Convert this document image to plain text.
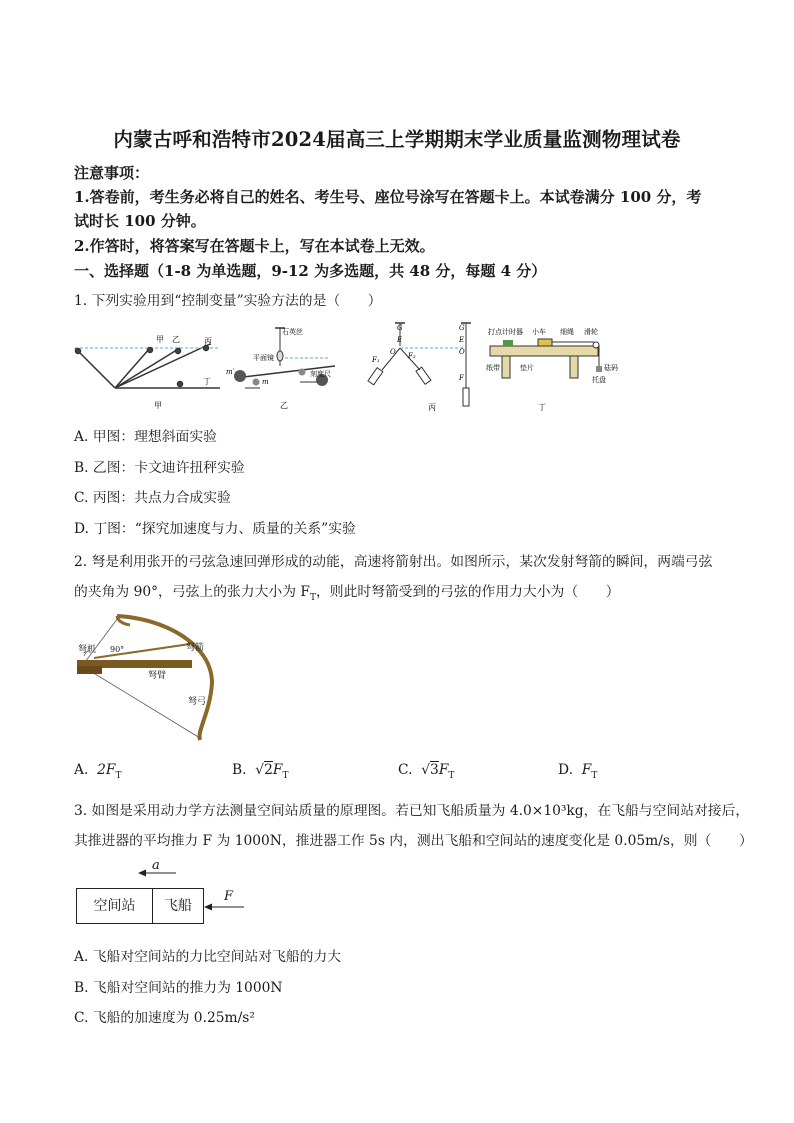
内蒙古呼和浩特市2024届高三上学期期末学业质量监测物理试卷
注意事项：
1.答卷前，考生务必将自己的姓名、考生号、座位号涂写在答题卡上。本试卷满分 100 分，考
试时长 100 分钟。
2.作答时，将答案写在答题卡上，写在本试卷上无效。
一、选择题（1-8 为单选题，9-12 为多选题，共 48 分，每题 4 分）
1. 下列实验用到“控制变量”实验方法的是（　　）
甲 乙	丙
丁
甲
石英丝
平面镜
刻度尺
m′
m
乙
G
E
O
F₁	F₂
G
E
O
F
丙
打点计时器 小车 细绳 滑轮
纸带	垫片	砝码
托盘
丁
A. 甲图：理想斜面实验
B. 乙图：卡文迪许扭秤实验
C. 丙图：共点力合成实验
D. 丁图：“探究加速度与力、质量的关系”实验
2. 弩是利用张开的弓弦急速回弹形成的动能，高速将箭射出。如图所示，某次发射弩箭的瞬间，两端弓弦
的夹角为 90°，弓弦上的张力大小为 $F_T$，则此时弩箭受到的弓弦的作用力大小为（　　）
弩机 90°	弩箭
弩臂
弩弓
A. $2F_T$	B.  $√2F_T$	C.  $√3F_T$	D. $F_T$
3. 如图是采用动力学方法测量空间站质量的原理图。若已知飞船质量为 4.0×10³kg，在飞船与空间站对接后，
其推进器的平均推力 F 为 1000N，推进器工作 5s 内，测出飞船和空间站的速度变化是 0.05m/s，则（　　）
a
空间站	飞船
F
A. 飞船对空间站的力比空间站对飞船的力大
B. 飞船对空间站的推力为 1000N
C. 飞船的加速度为 0.25m/s²
